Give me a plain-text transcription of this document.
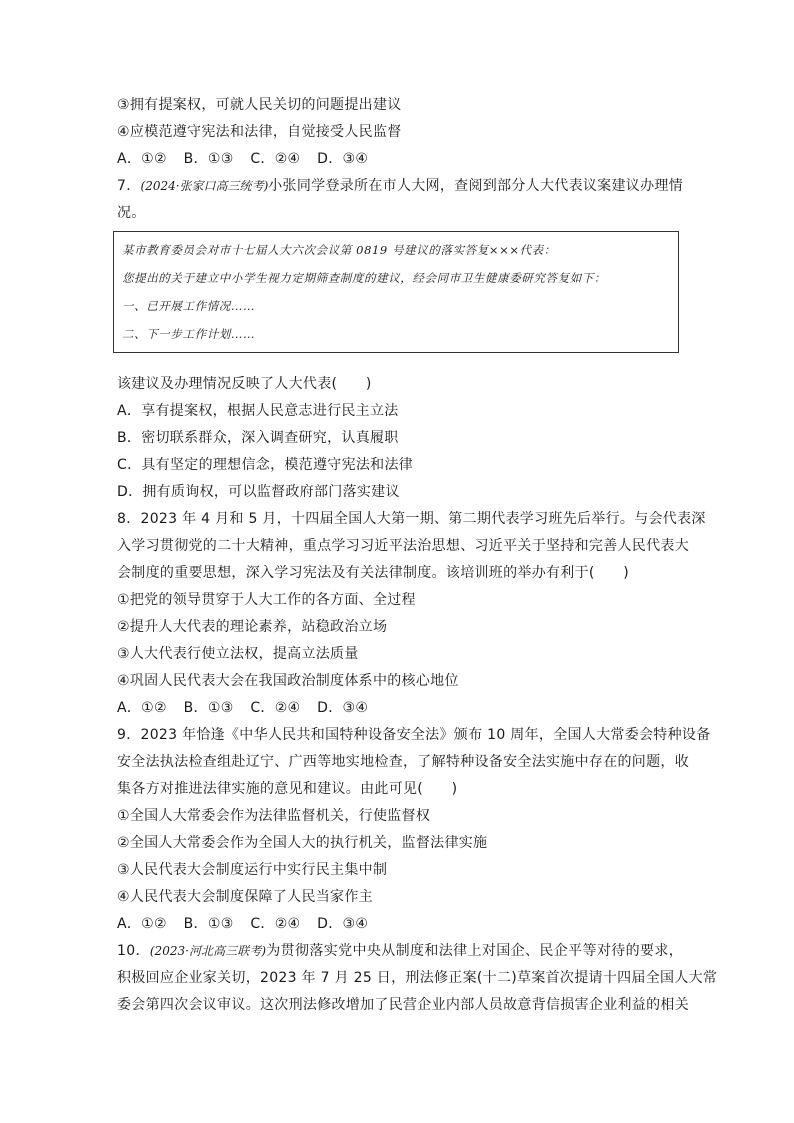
③拥有提案权，可就人民关切的问题提出建议
④应模范遵守宪法和法律，自觉接受人民监督
A．①② B．①③ C．②④ D．③④
7．(2024·张家口高三统考)小张同学登录所在市人大网，查阅到部分人大代表议案建议办理情
况。
某市教育委员会对市十七届人大六次会议第 0819 号建议的落实答复×××代表：
您提出的关于建立中小学生视力定期筛查制度的建议，经会同市卫生健康委研究答复如下：
一、已开展工作情况……
二、下一步工作计划……
该建议及办理情况反映了人大代表(　　)
A．享有提案权，根据人民意志进行民主立法
B．密切联系群众，深入调查研究，认真履职
C．具有坚定的理想信念，模范遵守宪法和法律
D．拥有质询权，可以监督政府部门落实建议
8．2023 年 4 月和 5 月，十四届全国人大第一期、第二期代表学习班先后举行。与会代表深
入学习贯彻党的二十大精神，重点学习习近平法治思想、习近平关于坚持和完善人民代表大
会制度的重要思想，深入学习宪法及有关法律制度。该培训班的举办有利于(　　)
①把党的领导贯穿于人大工作的各方面、全过程
②提升人大代表的理论素养，站稳政治立场
③人大代表行使立法权，提高立法质量
④巩固人民代表大会在我国政治制度体系中的核心地位
A．①② B．①③ C．②④ D．③④
9．2023 年恰逢《中华人民共和国特种设备安全法》颁布 10 周年，全国人大常委会特种设备
安全法执法检查组赴辽宁、广西等地实地检查，了解特种设备安全法实施中存在的问题，收
集各方对推进法律实施的意见和建议。由此可见(　　)
①全国人大常委会作为法律监督机关，行使监督权
②全国人大常委会作为全国人大的执行机关，监督法律实施
③人民代表大会制度运行中实行民主集中制
④人民代表大会制度保障了人民当家作主
A．①② B．①③ C．②④ D．③④
10．(2023·河北高三联考)为贯彻落实党中央从制度和法律上对国企、民企平等对待的要求，
积极回应企业家关切，2023 年 7 月 25 日，刑法修正案(十二)草案首次提请十四届全国人大常
委会第四次会议审议。这次刑法修改增加了民营企业内部人员故意背信损害企业利益的相关
